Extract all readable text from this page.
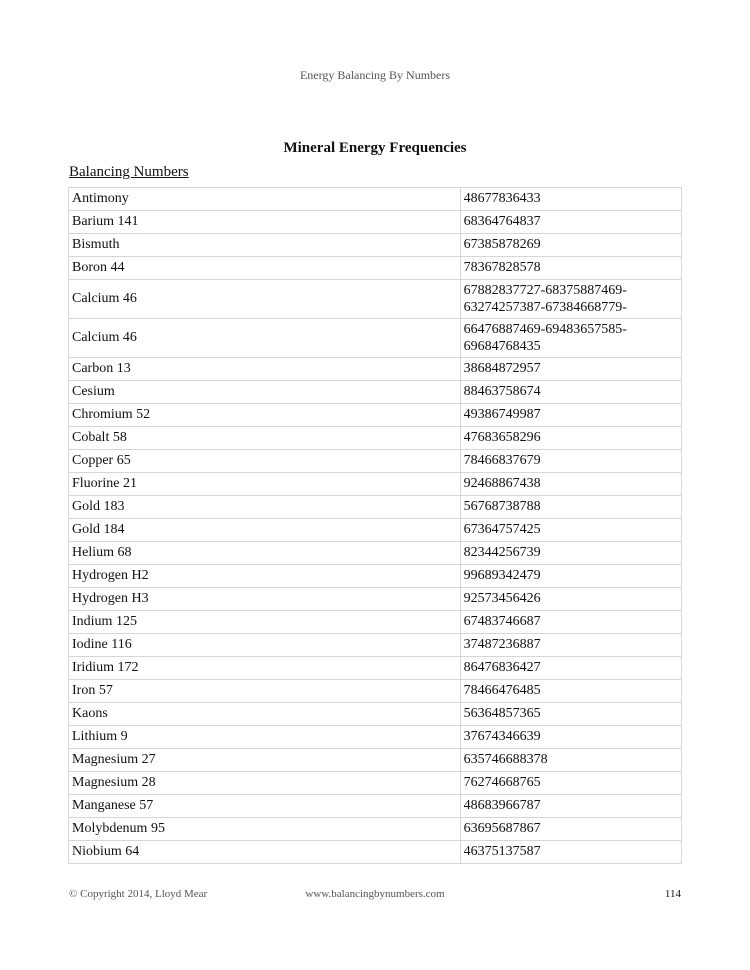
Energy Balancing By Numbers
Mineral Energy Frequencies
Balancing Numbers
Antimony	48677836433
Barium 141	68364764837
Bismuth	67385878269
Boron 44	78367828578
Calcium 46	67882837727-68375887469-63274257387-67384668779-
Calcium 46	66476887469-69483657585-69684768435
Carbon 13	38684872957
Cesium	88463758674
Chromium 52	49386749987
Cobalt 58	47683658296
Copper 65	78466837679
Fluorine 21	92468867438
Gold 183	56768738788
Gold 184	67364757425
Helium 68	82344256739
Hydrogen H2	99689342479
Hydrogen H3	92573456426
Indium 125	67483746687
Iodine 116	37487236887
Iridium 172	86476836427
Iron 57	78466476485
Kaons	56364857365
Lithium 9	37674346639
Magnesium 27	635746688378
Magnesium 28	76274668765
Manganese 57	48683966787
Molybdenum 95	63695687867
Niobium 64	46375137587
© Copyright 2014, Lloyd Mear	www.balancingbynumbers.com	114
